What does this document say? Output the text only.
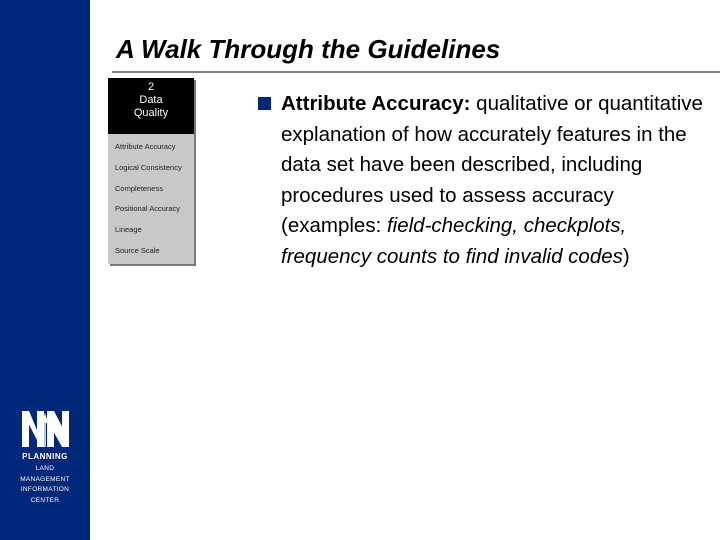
PLANNING
LAND
MANAGEMENT
INFORMATION
CENTER
A Walk Through the Guidelines
2
Data
Quality
Attribute Accuracy
Logical Consistency
Completeness
Positional Accuracy
Lineage
Source Scale
Attribute Accuracy: qualitative or quantitative explanation of how accurately features in the data set have been described, including procedures used to assess accuracy (examples: field-checking, checkplots, frequency counts to find invalid codes)
